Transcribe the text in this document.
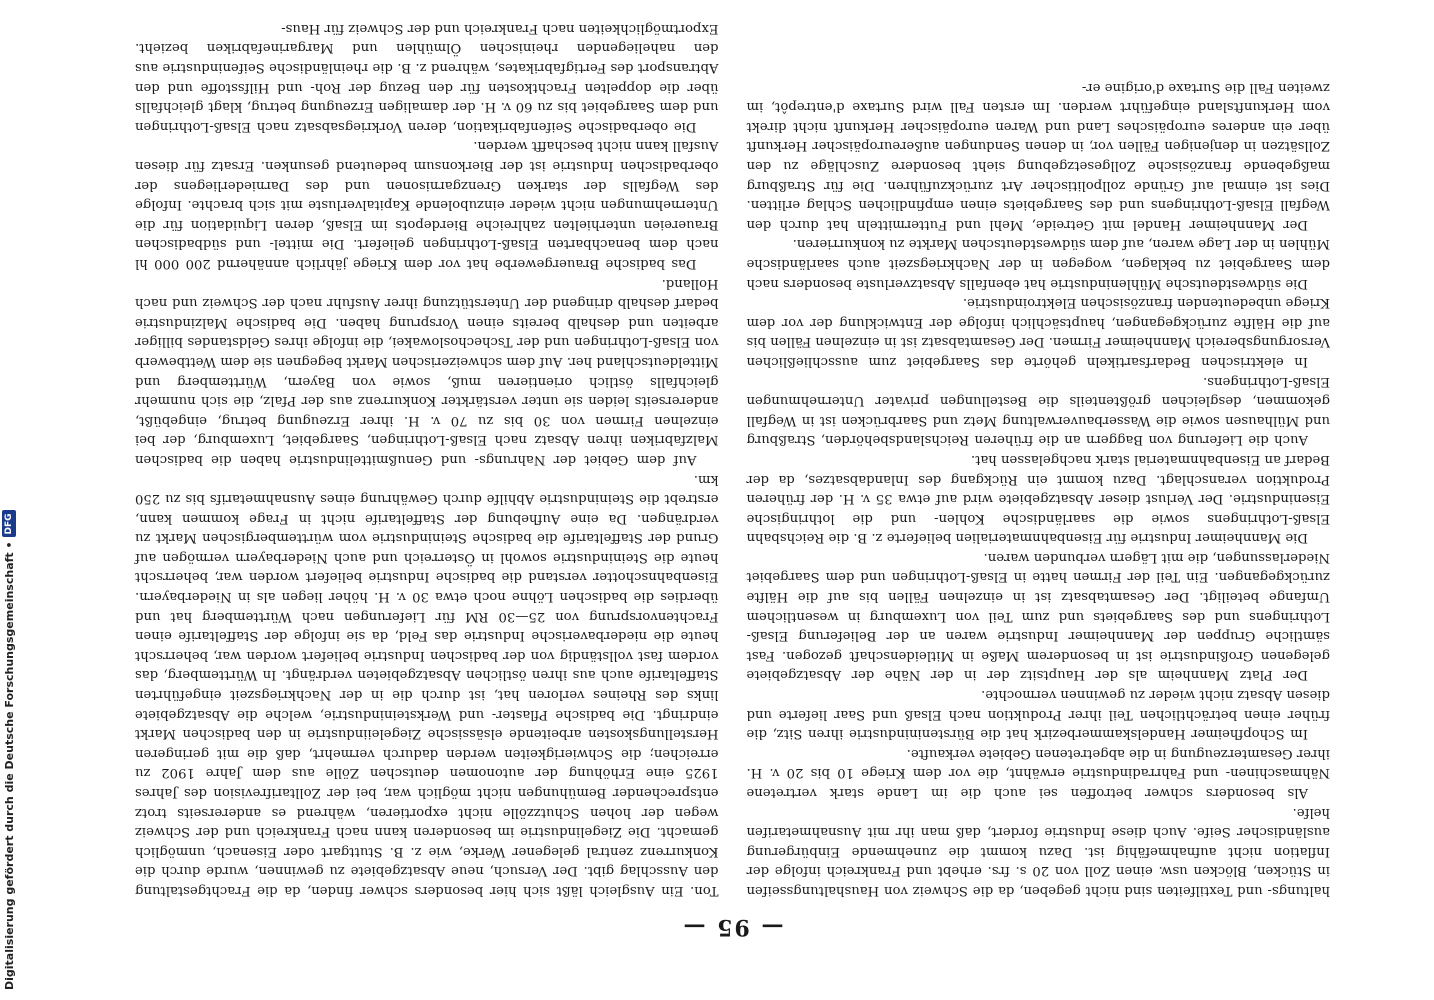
— 95 —

haltungs- und Textilfeiten sind nicht gegeben, da die Schweiz von Haushaltungsseifen in Stücken, Blöcken usw. einen Zoll von 20 s. frs. erhebt und Frankreich infolge der Inflation nicht aufnahmefähig ist. Dazu kommt die zunehmende Einbürgerung ausländischer Seife. Auch diese Industrie fordert, daß man ihr mit Ausnahmetarifen helfe.

Als besonders schwer betroffen sei auch die im Lande stark vertretene Nähmaschinen- und Fahrradindustrie erwähnt, die vor dem Kriege 10 bis 20 v. H. ihrer Gesamterzeugung in die abgetretenen Gebiete verkaufte.

Im Schopfheimer Handelskammerbezirk hat die Bürsteninindustrie ihren Sitz, die früher einen beträchtlichen Teil ihrer Produktion nach Elsaß und Saar lieferte und diesen Absatz nicht wieder zu gewinnen vermochte.

Der Platz Mannheim als der Hauptsitz der in der Nähe der Absatzgebiete gelegenen Großindustrie ist in besonderem Maße in Mitleidenschaft gezogen. Fast sämtliche Gruppen der Mannheimer Industrie waren an der Belieferung Elsaß-Lothringens und des Saargebiets und zum Teil von Luxemburg in wesentlichem Umfange beteiligt. Der Gesamtabsatz ist in einzelnen Fällen bis auf die Hälfte zurückgegangen. Ein Teil der Firmen hatte in Elsaß-Lothringen und dem Saargebiet Niederlassungen, die mit Lägern verbunden waren.

Die Mannheimer Industrie für Eisenbahnmaterialien belieferte z. B. die Reichsbahn Elsaß-Lothringens sowie die saarländische Kohlen- und die lothringische Eisenindustrie. Der Verlust dieser Absatzgebiete wird auf etwa 35 v. H. der früheren Produktion veranschlagt. Dazu kommt ein Rückgang des Inlandabsatzes, da der Bedarf an Eisenbahnmaterial stark nachgelassen hat.

Auch die Lieferung von Baggern an die früheren Reichslandsbehörden, Straßburg und Mülhausen sowie die Wasserbauverwaltung Metz und Saarbrücken ist in Wegfall gekommen, desgleichen größtenteils die Bestellungen privater Unternehmungen Elsaß-Lothringens.

In elektrischen Bedarfsartikeln gehörte das Saargebiet zum ausschließlichen Versorgungsbereich Mannheimer Firmen. Der Gesamtabsatz ist in einzelnen Fällen bis auf die Hälfte zurückgegangen, hauptsächlich infolge der Entwicklung der vor dem Kriege unbedeutenden französischen Elektroindustrie.

Die südwestdeutsche Mühlenindustrie hat ebenfalls Absatzverluste besonders nach dem Saargebiet zu beklagen, wogegen in der Nachkriegszeit auch saarländische Mühlen in der Lage waren, auf dem südwestdeutschen Markte zu konkurrieren.

Der Mannheimer Handel mit Getreide, Mehl und Futtermitteln hat durch den Wegfall Elsaß-Lothringens und des Saargebiets einen empfindlichen Schlag erlitten. Dies ist einmal auf Gründe zollpolitischer Art zurückzuführen. Die für Straßburg maßgebende französische Zollgesetzgebung sieht besondere Zuschläge zu den Zollsätzen in denjenigen Fällen vor, in denen Sendungen außereuropäischer Herkunft über ein anderes europäisches Land und Waren europäischer Herkunft nicht direkt vom Herkunftsland eingeführt werden. Im ersten Fall wird Surtaxe d'entrepôt, im zweiten Fall die Surtaxe d'origine er-

Ton. Ein Ausgleich läßt sich hier besonders schwer finden, da die Frachtgestaltung den Ausschlag gibt. Der Versuch, neue Absatzgebiete zu gewinnen, wurde durch die Konkurrenz zentral gelegener Werke, wie z. B. Stuttgart oder Eisenach, unmöglich gemacht. Die Ziegelindustrie im besonderen kann nach Frankreich und der Schweiz wegen der hohen Schutzzölle nicht exportieren, während es andererseits trotz entsprechender Bemühungen nicht möglich war, bei der Zolltarifrevision des Jahres 1925 eine Erhöhung der autonomen deutschen Zölle aus dem Jahre 1902 zu erreichen; die Schwierigkeiten werden dadurch vermehrt, daß die mit geringeren Herstellungskosten arbeitende elsässische Ziegeleiindustrie in den badischen Markt eindringt. Die badische Pflaster- und Werksteinindustrie, welche die Absatzgebiete links des Rheines verloren hat, ist durch die in der Nachkriegszeit eingeführten Staffeltarife auch aus ihren östlichen Absatzgebieten verdrängt. In Württemberg, das vordem fast vollständig von der badischen Industrie beliefert worden war, beherrscht heute die niederbaverische Industrie das Feld, da sie infolge der Staffeltarife einen Frachtenvorsprung von 25—30 RM für Lieferungen nach Württemberg hat und überdies die badischen Löhne noch etwa 30 v. H. höher liegen als in Niederbayern. Eisenbahnschotter verstand die badische Industrie beliefert worden war, beherrscht heute die Steinindustrie sowohl in Österreich und auch Niederbayern vermögen auf Grund der Staffeltarife die badische Steinindustrie vom württembergischen Markt zu verdrängen. Da eine Aufhebung der Staffeltarife nicht in Frage kommen kann, erstrebt die Steinindustrie Abhilfe durch Gewährung eines Ausnahmetarifs bis zu 250 km.

Auf dem Gebiet der Nahrungs- und Genußmittelindustrie haben die badischen Malzfabriken ihren Absatz nach Elsaß-Lothringen, Saargebiet, Luxemburg, der bei einzelnen Firmen von 30 bis zu 70 v. H. ihrer Erzeugung betrug, eingebüßt, andererseits leiden sie unter verstärkter Konkurrenz aus der Pfalz, die sich nunmehr gleichfalls östlich orientieren muß, sowie von Bayern, Württemberg und Mitteldeutschland her. Auf dem schweizerischen Markt begegnen sie dem Wettbewerb von Elsaß-Lothringen und der Tschechoslowakei, die infolge ihres Geldstandes billiger arbeiten und deshalb bereits einen Vorsprung haben. Die badische Malzindustrie bedarf deshalb dringend der Unterstützung ihrer Ausfuhr nach der Schweiz und nach Holland.

Das badische Brauergewerbe hat vor dem Kriege jährlich annähernd 200 000 hl nach dem benachbarten Elsaß-Lothringen geliefert. Die mittel- und südbadischen Brauereien unterhielten zahlreiche Bierdepots im Elsaß, deren Liquidation für die Unternehmungen nicht wieder einzubolende Kapitalverluste mit sich brachte. Infolge des Wegfalls der starken Grenzgarnisonen und des Darniederliegens der oberbadischen Industrie ist der Bierkonsum bedeutend gesunken. Ersatz für diesen Ausfall kann nicht beschafft werden.

Die oberbadische Seifenfabrikation, deren Vorkriegsabsatz nach Elsaß-Lothringen und dem Saargebiet bis zu 60 v. H. der damaligen Erzeugung betrug, klagt gleichfalls über die doppelten Frachtkosten für den Bezug der Roh- und Hilfsstoffe und den Abtransport des Fertigfabrikates, während z. B. die rheinländische Seifenindustrie aus den naheliegenden rheinischen Ölmühlen und Margarinefabriken bezieht. Exportmöglichkeiten nach Frankreich und der Schweiz für Haus-

Digitalisierung gefördert durch die Deutsche Forschungsgemeinschaft •
DFG
